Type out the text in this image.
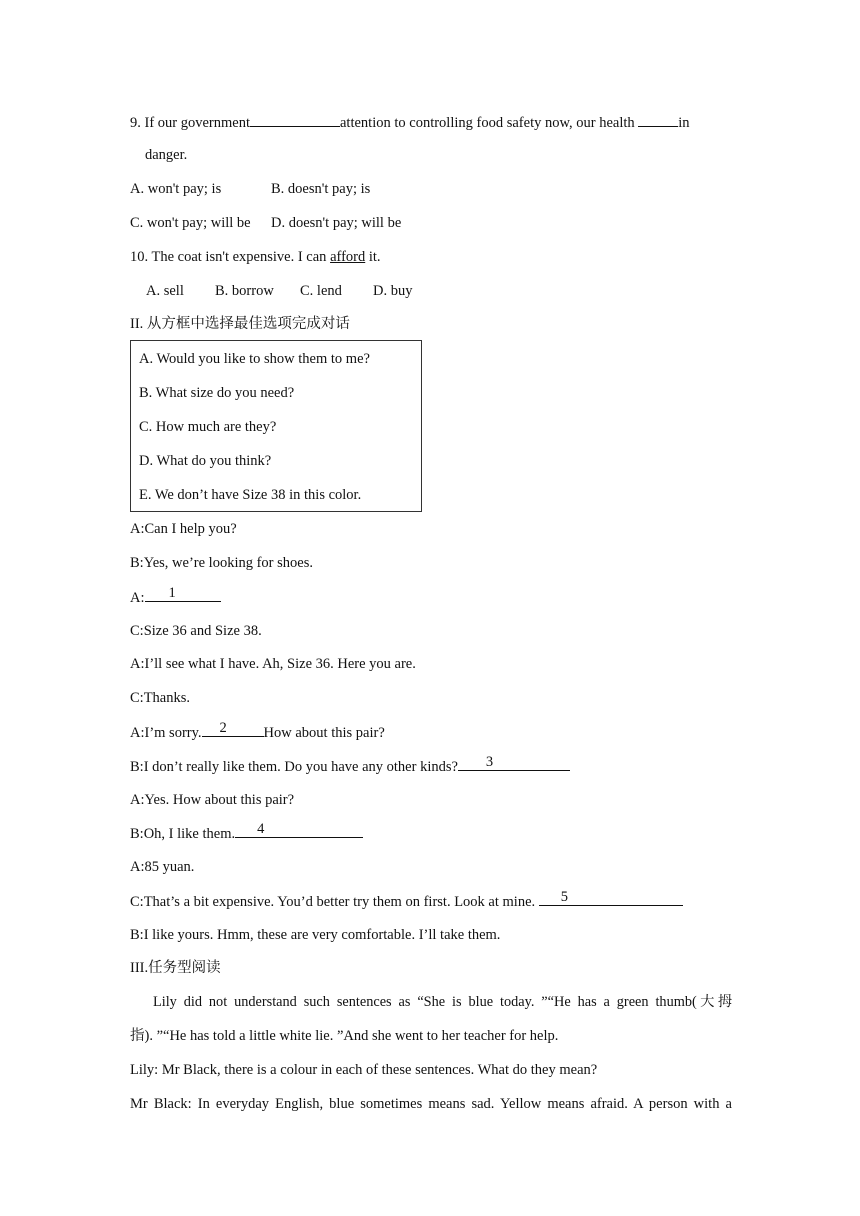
9. If our government	attention to controlling food safety now, our health	in
danger.
A. won't pay; is	B. doesn't pay; is
C. won't pay; will be D. doesn't pay; will be
10. The coat isn't expensive. I can afford it.
A. sell B. borrow C. lend D. buy
II. 从方框中选择最佳选项完成对话
A. Would you like to show them to me?
B. What size do you need?
C. How much are they?
D. What do you think?
E. We don’t have Size 38 in this color.
A:Can I help you?
B:Yes, we’re looking for shoes.
A: 1
C:Size 36 and Size 38.
A:I’ll see what I have. Ah, Size 36. Here you are.
C:Thanks.
A:I’m sorry. 2	How about this pair?
B:I don’t really like them. Do you have any other kinds? 3
A:Yes. How about this pair?
B:Oh, I like them. 4
A:85 yuan.
C:That’s a bit expensive. You’d better try them on first. Look at mine. 5
B:I like yours. Hmm, these are very comfortable. I’ll take them.
III.任务型阅读
Lily did not understand such sentences as “She is blue today. ”“He has a green thumb(大拇
指). ”“He has told a little white lie. ”And she went to her teacher for help.
Lily: Mr Black, there is a colour in each of these sentences. What do they mean?
Mr Black: In everyday English, blue sometimes means sad. Yellow means afraid. A person with a
